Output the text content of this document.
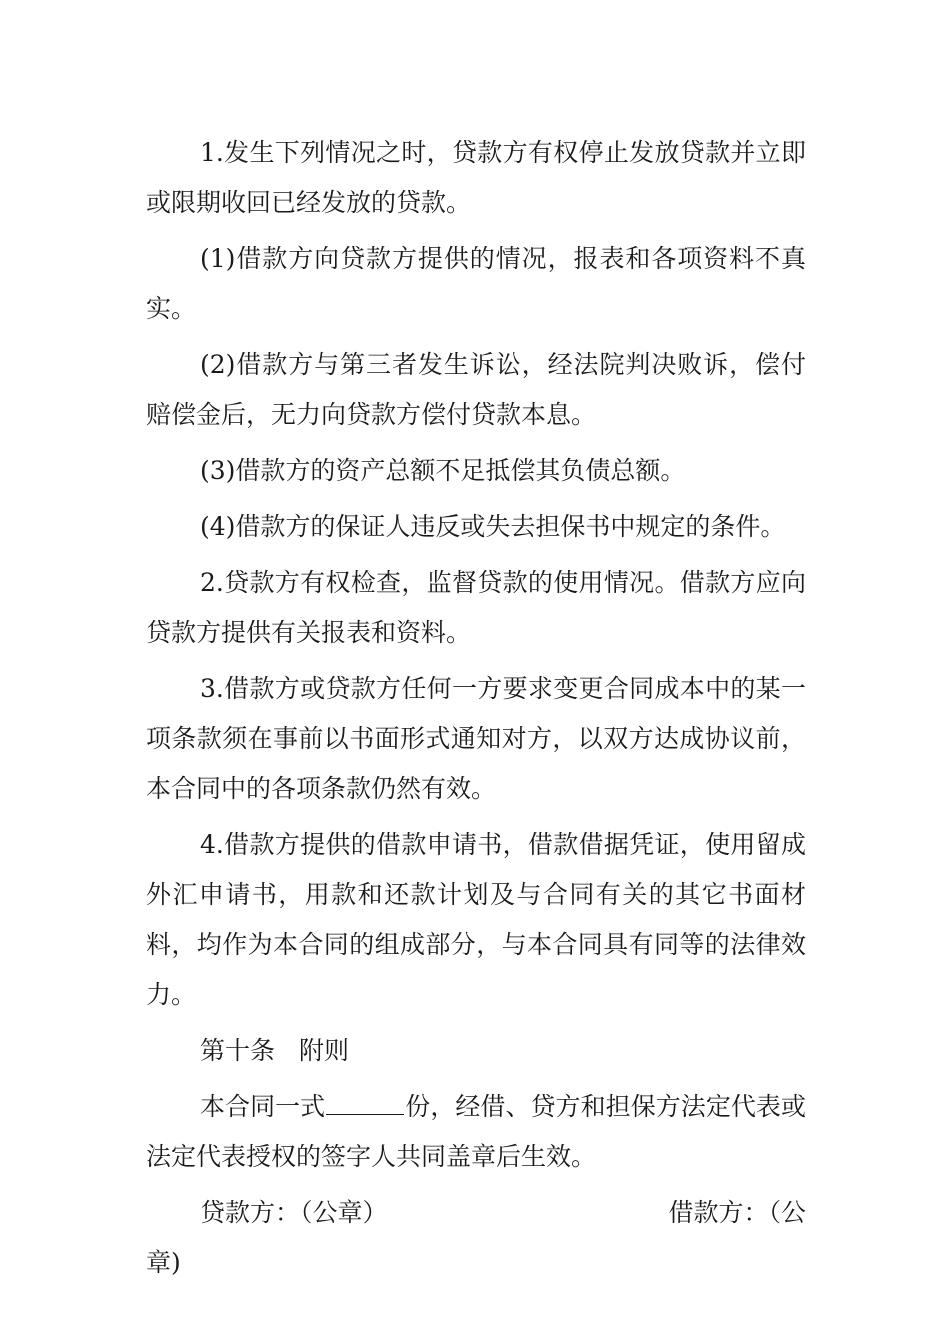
1.发生下列情况之时，贷款方有权停止发放贷款并立即或限期收回已经发放的贷款。

(1)借款方向贷款方提供的情况，报表和各项资料不真实。

(2)借款方与第三者发生诉讼，经法院判决败诉，偿付赔偿金后，无力向贷款方偿付贷款本息。

(3)借款方的资产总额不足抵偿其负债总额。

(4)借款方的保证人违反或失去担保书中规定的条件。

2.贷款方有权检查，监督贷款的使用情况。借款方应向贷款方提供有关报表和资料。

3.借款方或贷款方任何一方要求变更合同成本中的某一项条款须在事前以书面形式通知对方，以双方达成协议前，本合同中的各项条款仍然有效。

4.借款方提供的借款申请书，借款借据凭证，使用留成外汇申请书，用款和还款计划及与合同有关的其它书面材料，均作为本合同的组成部分，与本合同具有同等的法律效力。

第十条 附则

本合同一式	份，经借、贷方和担保方法定代表或法定代表授权的签字人共同盖章后生效。

贷款方：（公章）	借款方：（公

章)
